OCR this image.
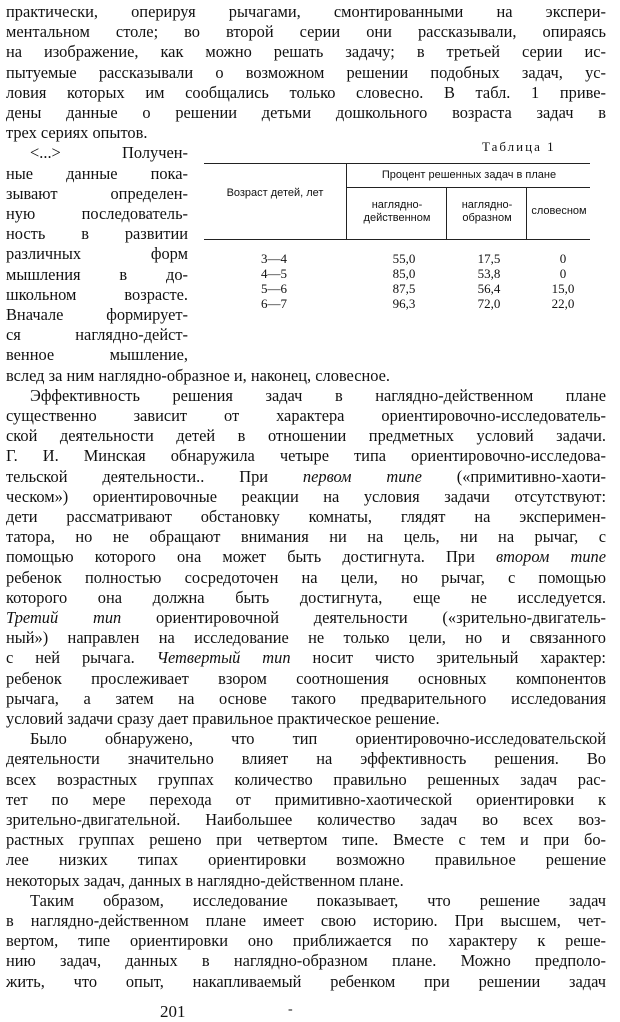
практически, оперируя рычагами, смонтированными на экспери-
ментальном столе; во второй серии они рассказывали, опираясь
на изображение, как можно решать задачу; в третьей серии ис-
пытуемые рассказывали о возможном решении подобных задач, ус-
ловия которых им сообщались только словесно. В табл. 1 приве-
дены данные о решении детьми дошкольного возраста задач в
трех сериях опытов.
<...> Получен-
ные данные пока-
зывают определен-
ную последователь-
ность в развитии
различных форм
мышления в до-
школьном возрасте.
Вначале формирует-
Таблица 1
Возраст детей, лет
Процент решенных задач в плане
наглядно-действенном
наглядно-образном
словесном
3—4	55,0	17,5	0
4—5	85,0	53,8	0
5—6	87,5	56,4	15,0
6—7	96,3	72,0	22,0
ся наглядно-дейст-
венное мышление,
вслед за ним наглядно-образное и, наконец, словесное.
Эффективность решения задач в наглядно-действенном плане
существенно зависит от характера ориентировочно-исследователь-
ской деятельности детей в отношении предметных условий задачи.
Г. И. Минская обнаружила четыре типа ориентировочно-исследова-
тельской деятельности.. При первом типе («примитивно-хаоти-
ческом») ориентировочные реакции на условия задачи отсутствуют:
дети рассматривают обстановку комнаты, глядят на эксперимен-
татора, но не обращают внимания ни на цель, ни на рычаг, с
помощью которого она может быть достигнута. При втором типе
ребенок полностью сосредоточен на цели, но рычаг, с помощью
которого она должна быть достигнута, еще не исследуется.
Третий тип ориентировочной деятельности («зрительно-двигатель-
ный») направлен на исследование не только цели, но и связанного
с ней рычага. Четвертый тип носит чисто зрительный характер:
ребенок прослеживает взором соотношения основных компонентов
рычага, а затем на основе такого предварительного исследования
условий задачи сразу дает правильное практическое решение.
Было обнаружено, что тип ориентировочно-исследовательской
деятельности значительно влияет на эффективность решения. Во
всех возрастных группах количество правильно решенных задач рас-
тет по мере перехода от примитивно-хаотической ориентировки к
зрительно-двигательной. Наибольшее количество задач во всех воз-
растных группах решено при четвертом типе. Вместе с тем и при бо-
лее низких типах ориентировки возможно правильное решение
некоторых задач, данных в наглядно-действенном плане.
Таким образом, исследование показывает, что решение задач
в наглядно-действенном плане имеет свою историю. При высшем, чет-
вертом, типе ориентировки оно приближается по характеру к реше-
нию задач, данных в наглядно-образном плане. Можно предполо-
жить, что опыт, накапливаемый ребенком при решении задач
201	-
